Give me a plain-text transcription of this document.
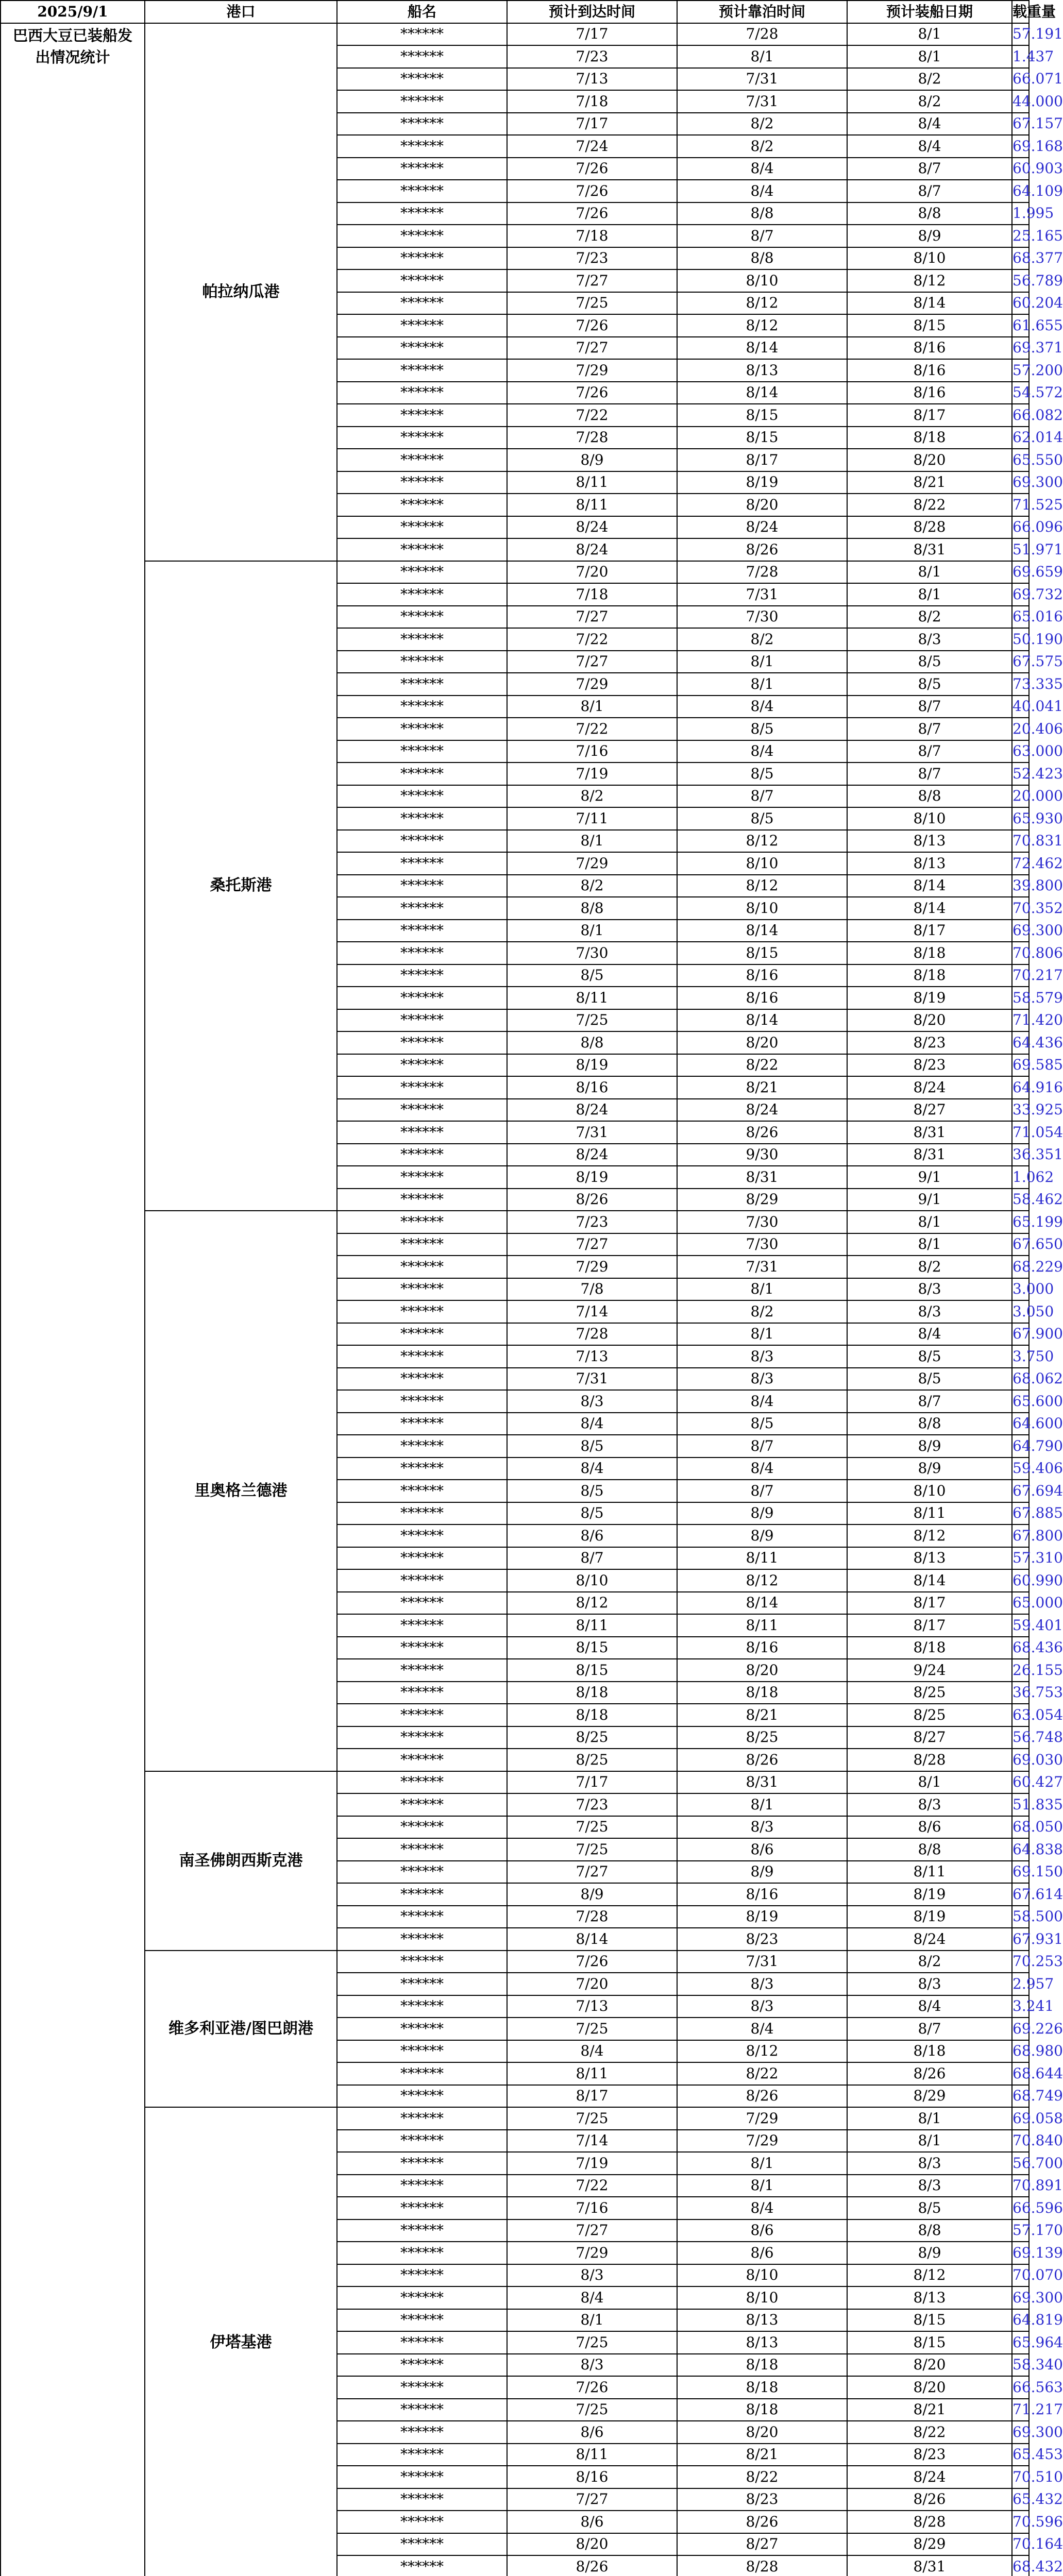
2025/9/1	港口	船名	预计到达时间	预计靠泊时间	预计装船日期	载重量

巴西大豆已装船发
出情况统计	帕拉纳瓜港	******	7/17	7/28	8/1	57.191
		******	7/23	8/1	8/1	1.437
		******	7/13	7/31	8/2	66.071
		******	7/18	7/31	8/2	44.000
		******	7/17	8/2	8/4	67.157
		******	7/24	8/2	8/4	69.168
		******	7/26	8/4	8/7	60.903
		******	7/26	8/4	8/7	64.109
		******	7/26	8/8	8/8	1.995
		******	7/18	8/7	8/9	25.165
		******	7/23	8/8	8/10	68.377
		******	7/27	8/10	8/12	56.789
		******	7/25	8/12	8/14	60.204
		******	7/26	8/12	8/15	61.655
		******	7/27	8/14	8/16	69.371
		******	7/29	8/13	8/16	57.200
		******	7/26	8/14	8/16	54.572
		******	7/22	8/15	8/17	66.082
		******	7/28	8/15	8/18	62.014
		******	8/9	8/17	8/20	65.550
		******	8/11	8/19	8/21	69.300
		******	8/11	8/20	8/22	71.525
		******	8/24	8/24	8/28	66.096
		******	8/24	8/26	8/31	51.971
	桑托斯港	******	7/20	7/28	8/1	69.659
		******	7/18	7/31	8/1	69.732
		******	7/27	7/30	8/2	65.016
		******	7/22	8/2	8/3	50.190
		******	7/27	8/1	8/5	67.575
		******	7/29	8/1	8/5	73.335
		******	8/1	8/4	8/7	40.041
		******	7/22	8/5	8/7	20.406
		******	7/16	8/4	8/7	63.000
		******	7/19	8/5	8/7	52.423
		******	8/2	8/7	8/8	20.000
		******	7/11	8/5	8/10	65.930
		******	8/1	8/12	8/13	70.831
		******	7/29	8/10	8/13	72.462
		******	8/2	8/12	8/14	39.800
		******	8/8	8/10	8/14	70.352
		******	8/1	8/14	8/17	69.300
		******	7/30	8/15	8/18	70.806
		******	8/5	8/16	8/18	70.217
		******	8/11	8/16	8/19	58.579
		******	7/25	8/14	8/20	71.420
		******	8/8	8/20	8/23	64.436
		******	8/19	8/22	8/23	69.585
		******	8/16	8/21	8/24	64.916
		******	8/24	8/24	8/27	33.925
		******	7/31	8/26	8/31	71.054
		******	8/24	9/30	8/31	36.351
		******	8/19	8/31	9/1	1.062
		******	8/26	8/29	9/1	58.462
	里奥格兰德港	******	7/23	7/30	8/1	65.199
		******	7/27	7/30	8/1	67.650
		******	7/29	7/31	8/2	68.229
		******	7/8	8/1	8/3	3.000
		******	7/14	8/2	8/3	3.050
		******	7/28	8/1	8/4	67.900
		******	7/13	8/3	8/5	3.750
		******	7/31	8/3	8/5	68.062
		******	8/3	8/4	8/7	65.600
		******	8/4	8/5	8/8	64.600
		******	8/5	8/7	8/9	64.790
		******	8/4	8/4	8/9	59.406
		******	8/5	8/7	8/10	67.694
		******	8/5	8/9	8/11	67.885
		******	8/6	8/9	8/12	67.800
		******	8/7	8/11	8/13	57.310
		******	8/10	8/12	8/14	60.990
		******	8/12	8/14	8/17	65.000
		******	8/11	8/11	8/17	59.401
		******	8/15	8/16	8/18	68.436
		******	8/15	8/20	9/24	26.155
		******	8/18	8/18	8/25	36.753
		******	8/18	8/21	8/25	63.054
		******	8/25	8/25	8/27	56.748
		******	8/25	8/26	8/28	69.030
	南圣佛朗西斯克港	******	7/17	8/31	8/1	60.427
		******	7/23	8/1	8/3	51.835
		******	7/25	8/3	8/6	68.050
		******	7/25	8/6	8/8	64.838
		******	7/27	8/9	8/11	69.150
		******	8/9	8/16	8/19	67.614
		******	7/28	8/19	8/19	58.500
		******	8/14	8/23	8/24	67.931
	维多利亚港/图巴朗港	******	7/26	7/31	8/2	70.253
		******	7/20	8/3	8/3	2.957
		******	7/13	8/3	8/4	3.241
		******	7/25	8/4	8/7	69.226
		******	8/4	8/12	8/18	68.980
		******	8/11	8/22	8/26	68.644
		******	8/17	8/26	8/29	68.749
	伊塔基港	******	7/25	7/29	8/1	69.058
		******	7/14	7/29	8/1	70.840
		******	7/19	8/1	8/3	56.700
		******	7/22	8/1	8/3	70.891
		******	7/16	8/4	8/5	66.596
		******	7/27	8/6	8/8	57.170
		******	7/29	8/6	8/9	69.139
		******	8/3	8/10	8/12	70.070
		******	8/4	8/10	8/13	69.300
		******	8/1	8/13	8/15	64.819
		******	7/25	8/13	8/15	65.964
		******	8/3	8/18	8/20	58.340
		******	7/26	8/18	8/20	66.563
		******	7/25	8/18	8/21	71.217
		******	8/6	8/20	8/22	69.300
		******	8/11	8/21	8/23	65.453
		******	8/16	8/22	8/24	70.510
		******	7/27	8/23	8/26	65.432
		******	8/6	8/26	8/28	70.596
		******	8/20	8/27	8/29	70.164
		******	8/26	8/28	8/31	68.432
